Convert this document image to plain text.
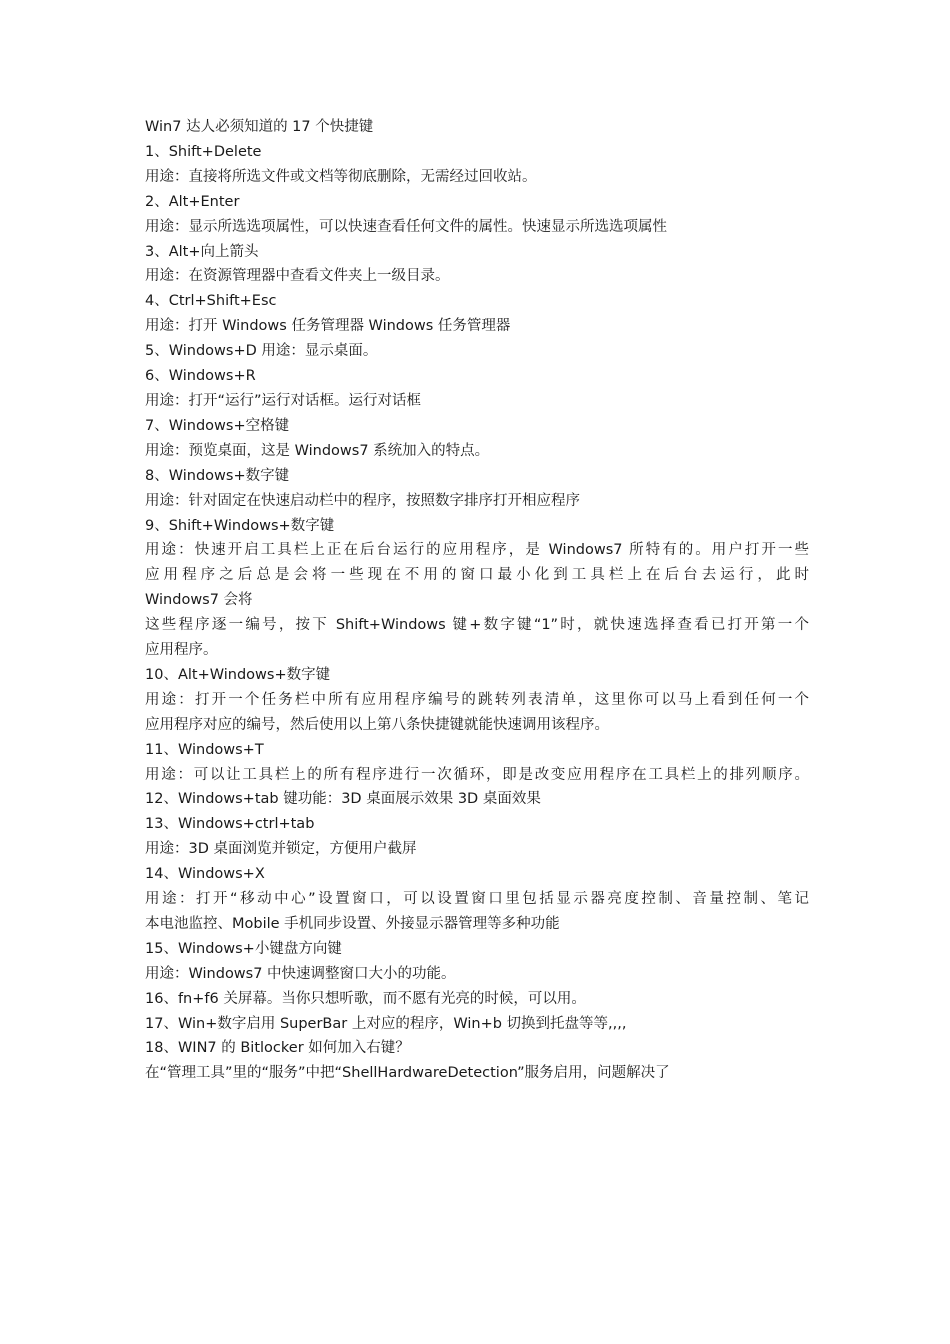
Win7 达人必须知道的 17 个快捷键
1、Shift+Delete
用途：直接将所选文件或文档等彻底删除，无需经过回收站。
2、Alt+Enter
用途：显示所选选项属性，可以快速查看任何文件的属性。快速显示所选选项属性
3、Alt+向上箭头
用途：在资源管理器中查看文件夹上一级目录。
4、Ctrl+Shift+Esc
用途：打开 Windows 任务管理器 Windows 任务管理器
5、Windows+D 用途：显示桌面。
6、Windows+R
用途：打开“运行”运行对话框。运行对话框
7、Windows+空格键
用途：预览桌面，这是 Windows7 系统加入的特点。
8、Windows+数字键
用途：针对固定在快速启动栏中的程序，按照数字排序打开相应程序
9、Shift+Windows+数字键
用途：快速开启工具栏上正在后台运行的应用程序，是 Windows7 所特有的。用户打开一些
应用程序之后总是会将一些现在不用的窗口最小化到工具栏上在后台去运行，此时
Windows7 会将
这些程序逐一编号，按下 Shift+Windows 键+数字键“1”时，就快速选择查看已打开第一个
应用程序。
10、Alt+Windows+数字键
用途：打开一个任务栏中所有应用程序编号的跳转列表清单，这里你可以马上看到任何一个
应用程序对应的编号，然后使用以上第八条快捷键就能快速调用该程序。
11、Windows+T
用途：可以让工具栏上的所有程序进行一次循环，即是改变应用程序在工具栏上的排列顺序。
12、Windows+tab 键功能：3D 桌面展示效果 3D 桌面效果
13、Windows+ctrl+tab
用途：3D 桌面浏览并锁定，方便用户截屏
14、Windows+X
用途：打开“移动中心”设置窗口，可以设置窗口里包括显示器亮度控制、音量控制、笔记
本电池监控、Mobile 手机同步设置、外接显示器管理等多种功能
15、Windows+小键盘方向键
用途：Windows7 中快速调整窗口大小的功能。
16、fn+f6 关屏幕。当你只想听歌，而不愿有光亮的时候，可以用。
17、Win+数字启用 SuperBar 上对应的程序，Win+b 切换到托盘等等,,,,
18、WIN7 的 Bitlocker 如何加入右键？
在“管理工具”里的“服务”中把“ShellHardwareDetection”服务启用，问题解决了
